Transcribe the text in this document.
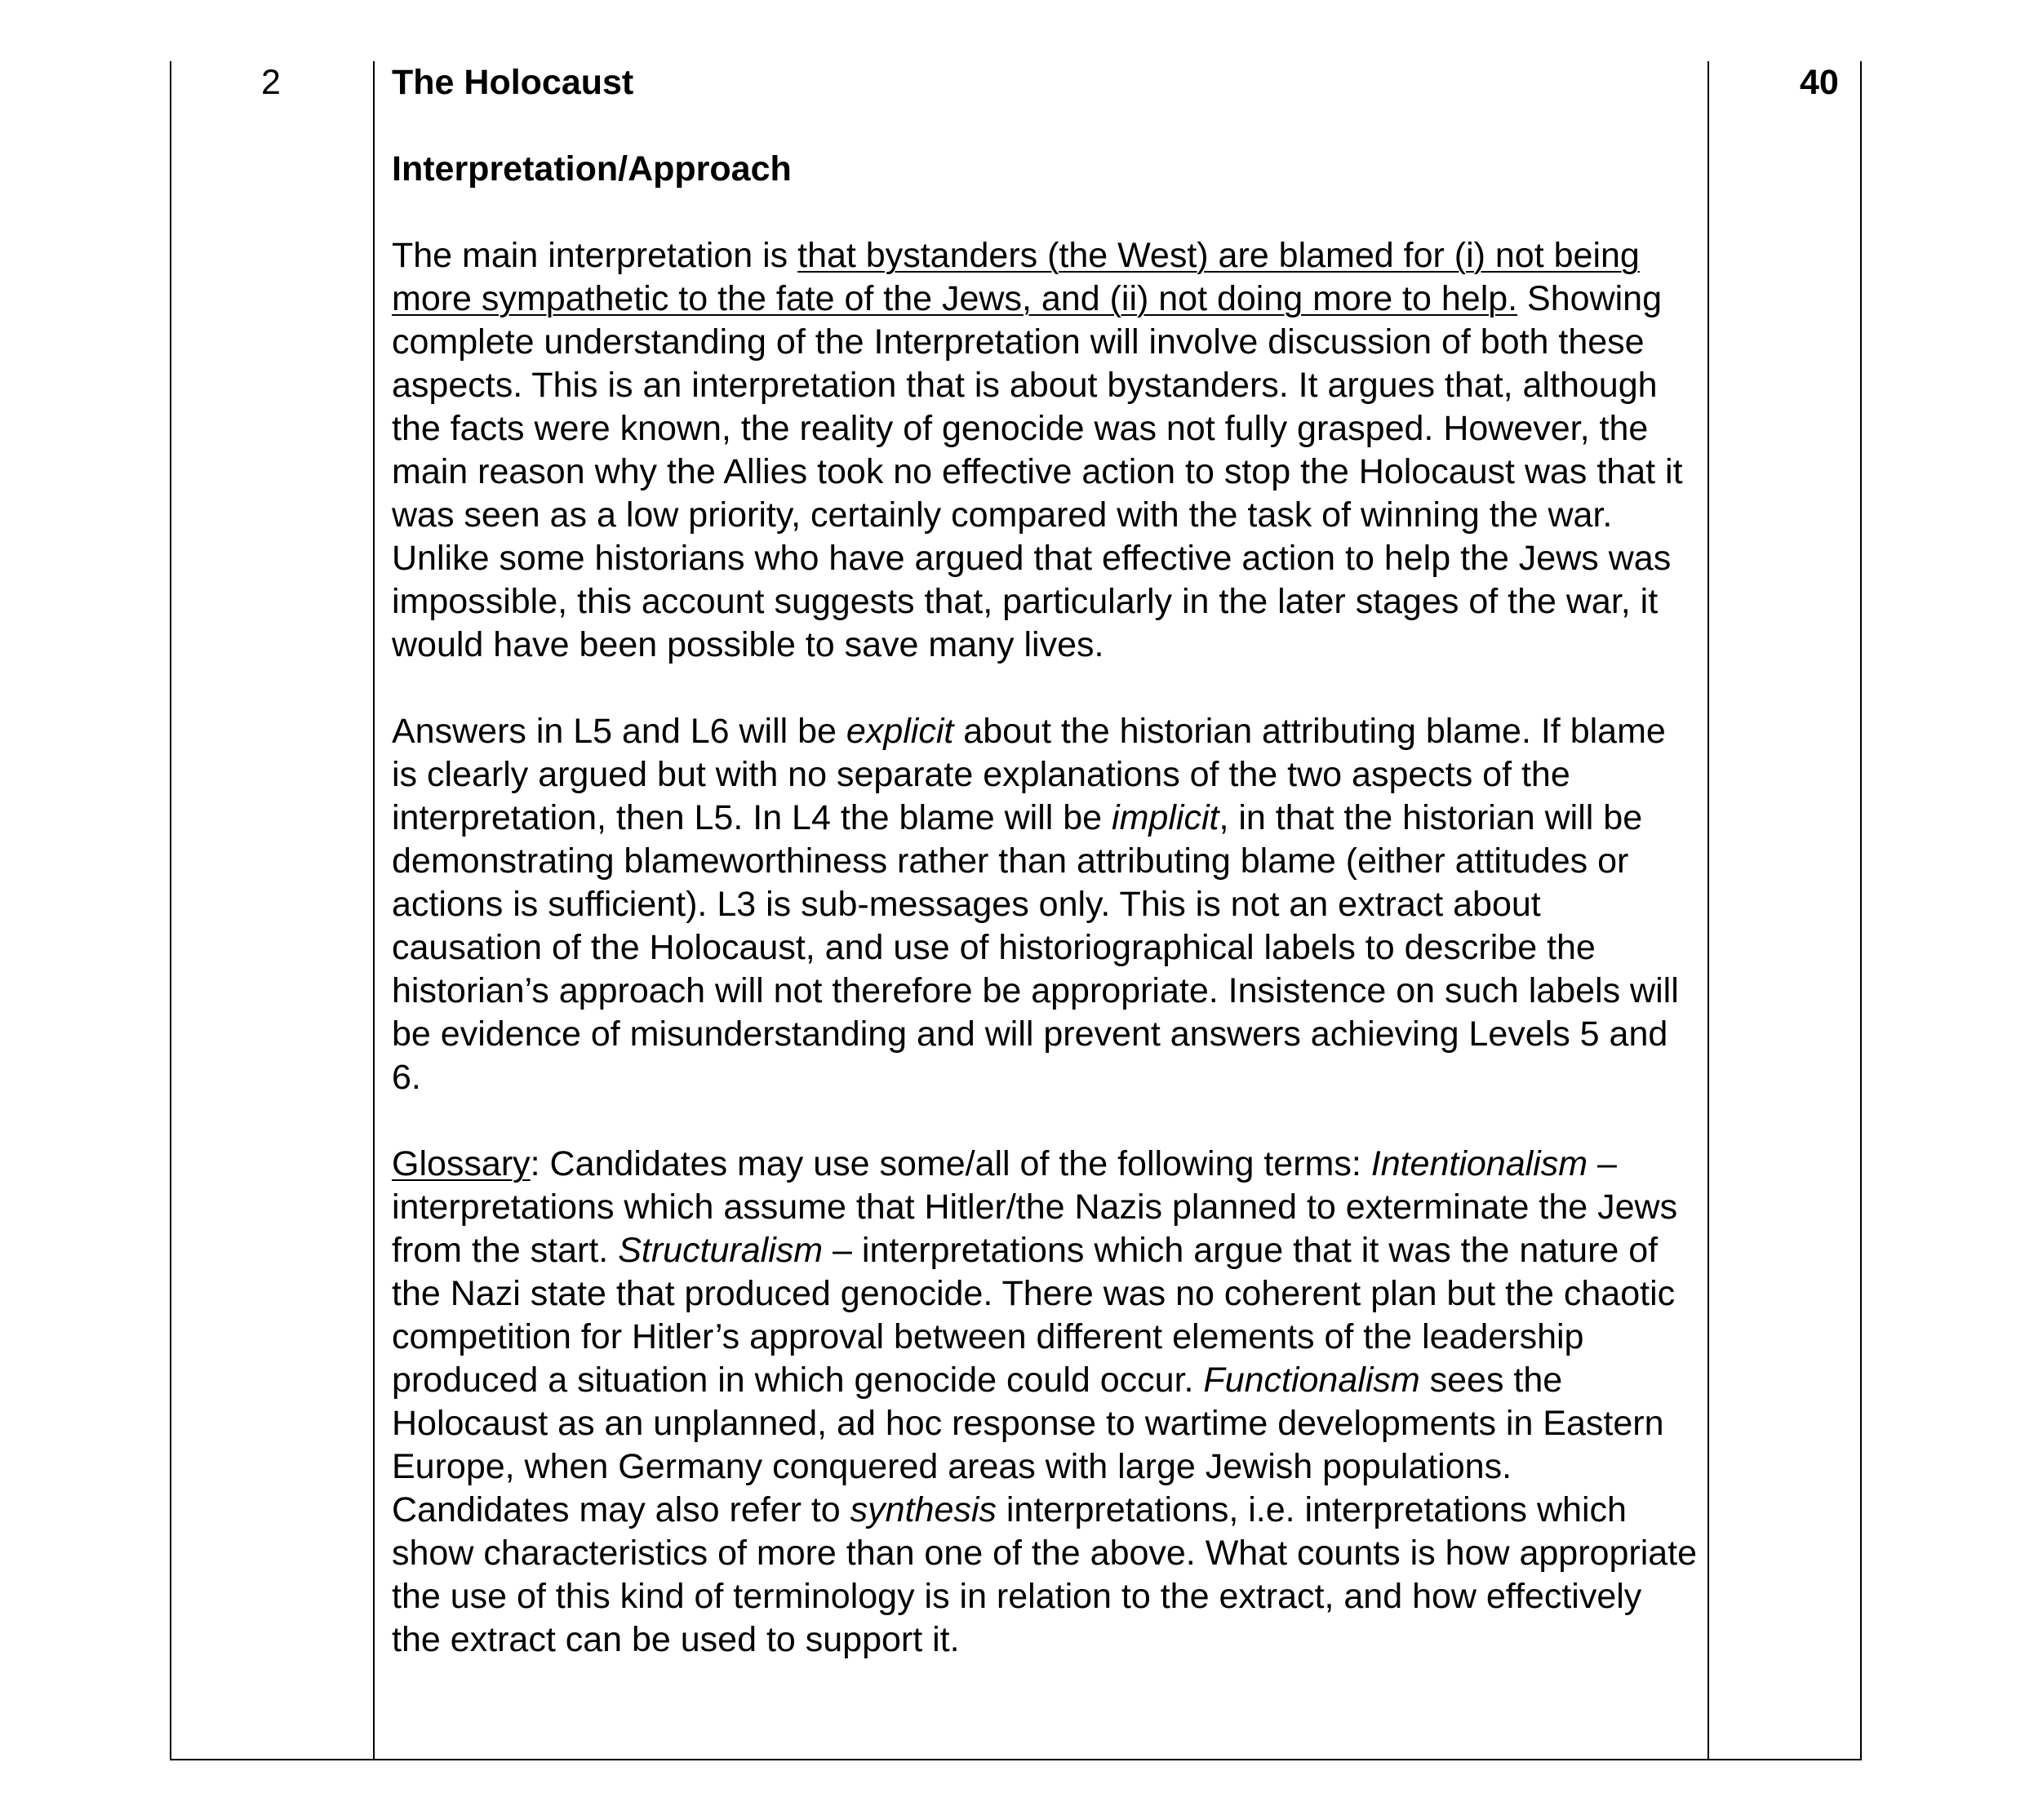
2	The Holocaust

Interpretation/Approach

The main interpretation is that bystanders (the West) are blamed for (i) not being more sympathetic to the fate of the Jews, and (ii) not doing more to help. Showing complete understanding of the Interpretation will involve discussion of both these aspects. This is an interpretation that is about bystanders. It argues that, although the facts were known, the reality of genocide was not fully grasped. However, the main reason why the Allies took no effective action to stop the Holocaust was that it was seen as a low priority, certainly compared with the task of winning the war. Unlike some historians who have argued that effective action to help the Jews was impossible, this account suggests that, particularly in the later stages of the war, it would have been possible to save many lives.

Answers in L5 and L6 will be explicit about the historian attributing blame. If blame is clearly argued but with no separate explanations of the two aspects of the interpretation, then L5. In L4 the blame will be implicit, in that the historian will be demonstrating blameworthiness rather than attributing blame (either attitudes or actions is sufficient). L3 is sub-messages only. This is not an extract about causation of the Holocaust, and use of historiographical labels to describe the historian’s approach will not therefore be appropriate. Insistence on such labels will be evidence of misunderstanding and will prevent answers achieving Levels 5 and 6.

Glossary: Candidates may use some/all of the following terms: Intentionalism – interpretations which assume that Hitler/the Nazis planned to exterminate the Jews from the start. Structuralism – interpretations which argue that it was the nature of the Nazi state that produced genocide. There was no coherent plan but the chaotic competition for Hitler’s approval between different elements of the leadership produced a situation in which genocide could occur. Functionalism sees the Holocaust as an unplanned, ad hoc response to wartime developments in Eastern Europe, when Germany conquered areas with large Jewish populations. Candidates may also refer to synthesis interpretations, i.e. interpretations which show characteristics of more than one of the above. What counts is how appropriate the use of this kind of terminology is in relation to the extract, and how effectively the extract can be used to support it.

40
